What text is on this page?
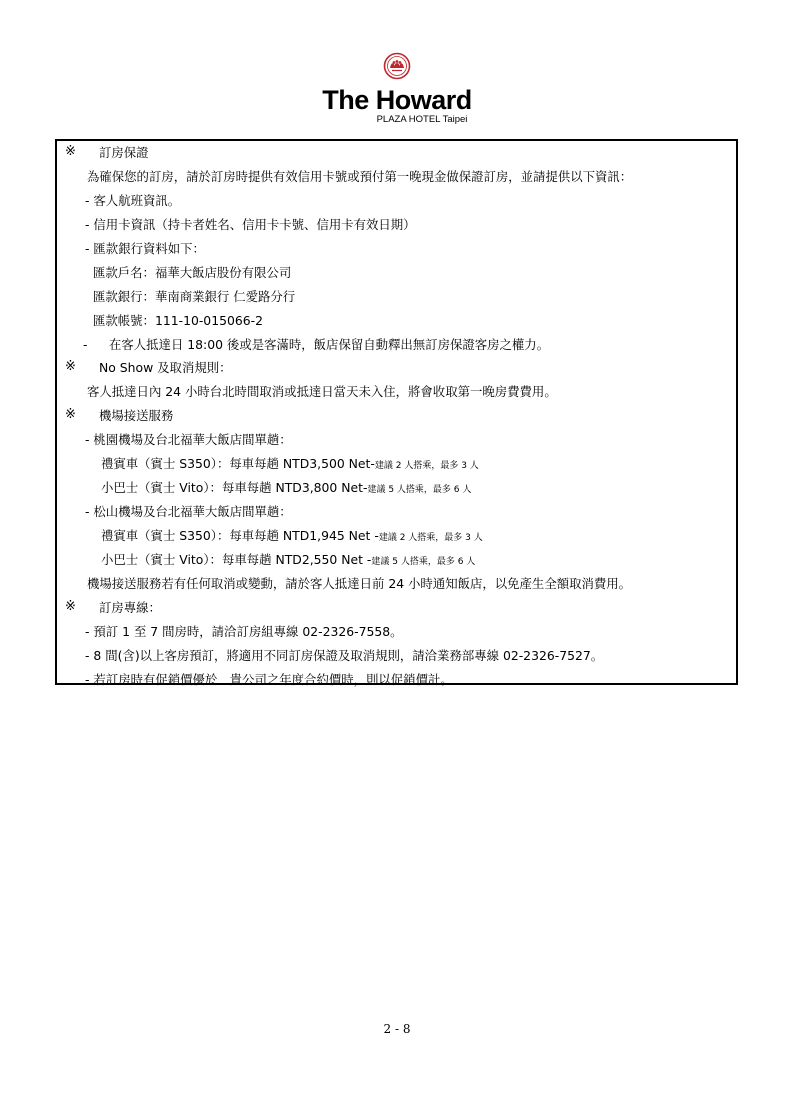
The Howard
PLAZA HOTEL Taipei
※ 訂房保證
為確保您的訂房，請於訂房時提供有效信用卡號或預付第一晚現金做保證訂房，並請提供以下資訊：
- 客人航班資訊。
- 信用卡資訊（持卡者姓名、信用卡卡號、信用卡有效日期）
- 匯款銀行資料如下：
匯款戶名：福華大飯店股份有限公司
匯款銀行：華南商業銀行 仁愛路分行
匯款帳號：111-10-015066-2
- 在客人抵達日 18:00 後或是客滿時，飯店保留自動釋出無訂房保證客房之權力。
※ No Show 及取消規則：
客人抵達日內 24 小時台北時間取消或抵達日當天未入住，將會收取第一晚房費費用。
※ 機場接送服務
- 桃園機場及台北福華大飯店間單趟：
禮賓車（賓士 S350）：每車每趟 NTD3,500 Net-建議 2 人搭乘，最多 3 人
小巴士（賓士 Vito）：每車每趟 NTD3,800 Net-建議 5 人搭乘，最多 6 人
- 松山機場及台北福華大飯店間單趟：
禮賓車（賓士 S350）：每車每趟 NTD1,945 Net -建議 2 人搭乘，最多 3 人
小巴士（賓士 Vito）：每車每趟 NTD2,550 Net -建議 5 人搭乘，最多 6 人
機場接送服務若有任何取消或變動，請於客人抵達日前 24 小時通知飯店，以免產生全額取消費用。
※ 訂房專線：
- 預訂 1 至 7 間房時，請洽訂房組專線 02-2326-7558。
- 8 間(含)以上客房預訂，將適用不同訂房保證及取消規則，請洽業務部專線 02-2326-7527。
- 若訂房時有促銷價優於　貴公司之年度合約價時，則以促銷價計。
2 - 8
